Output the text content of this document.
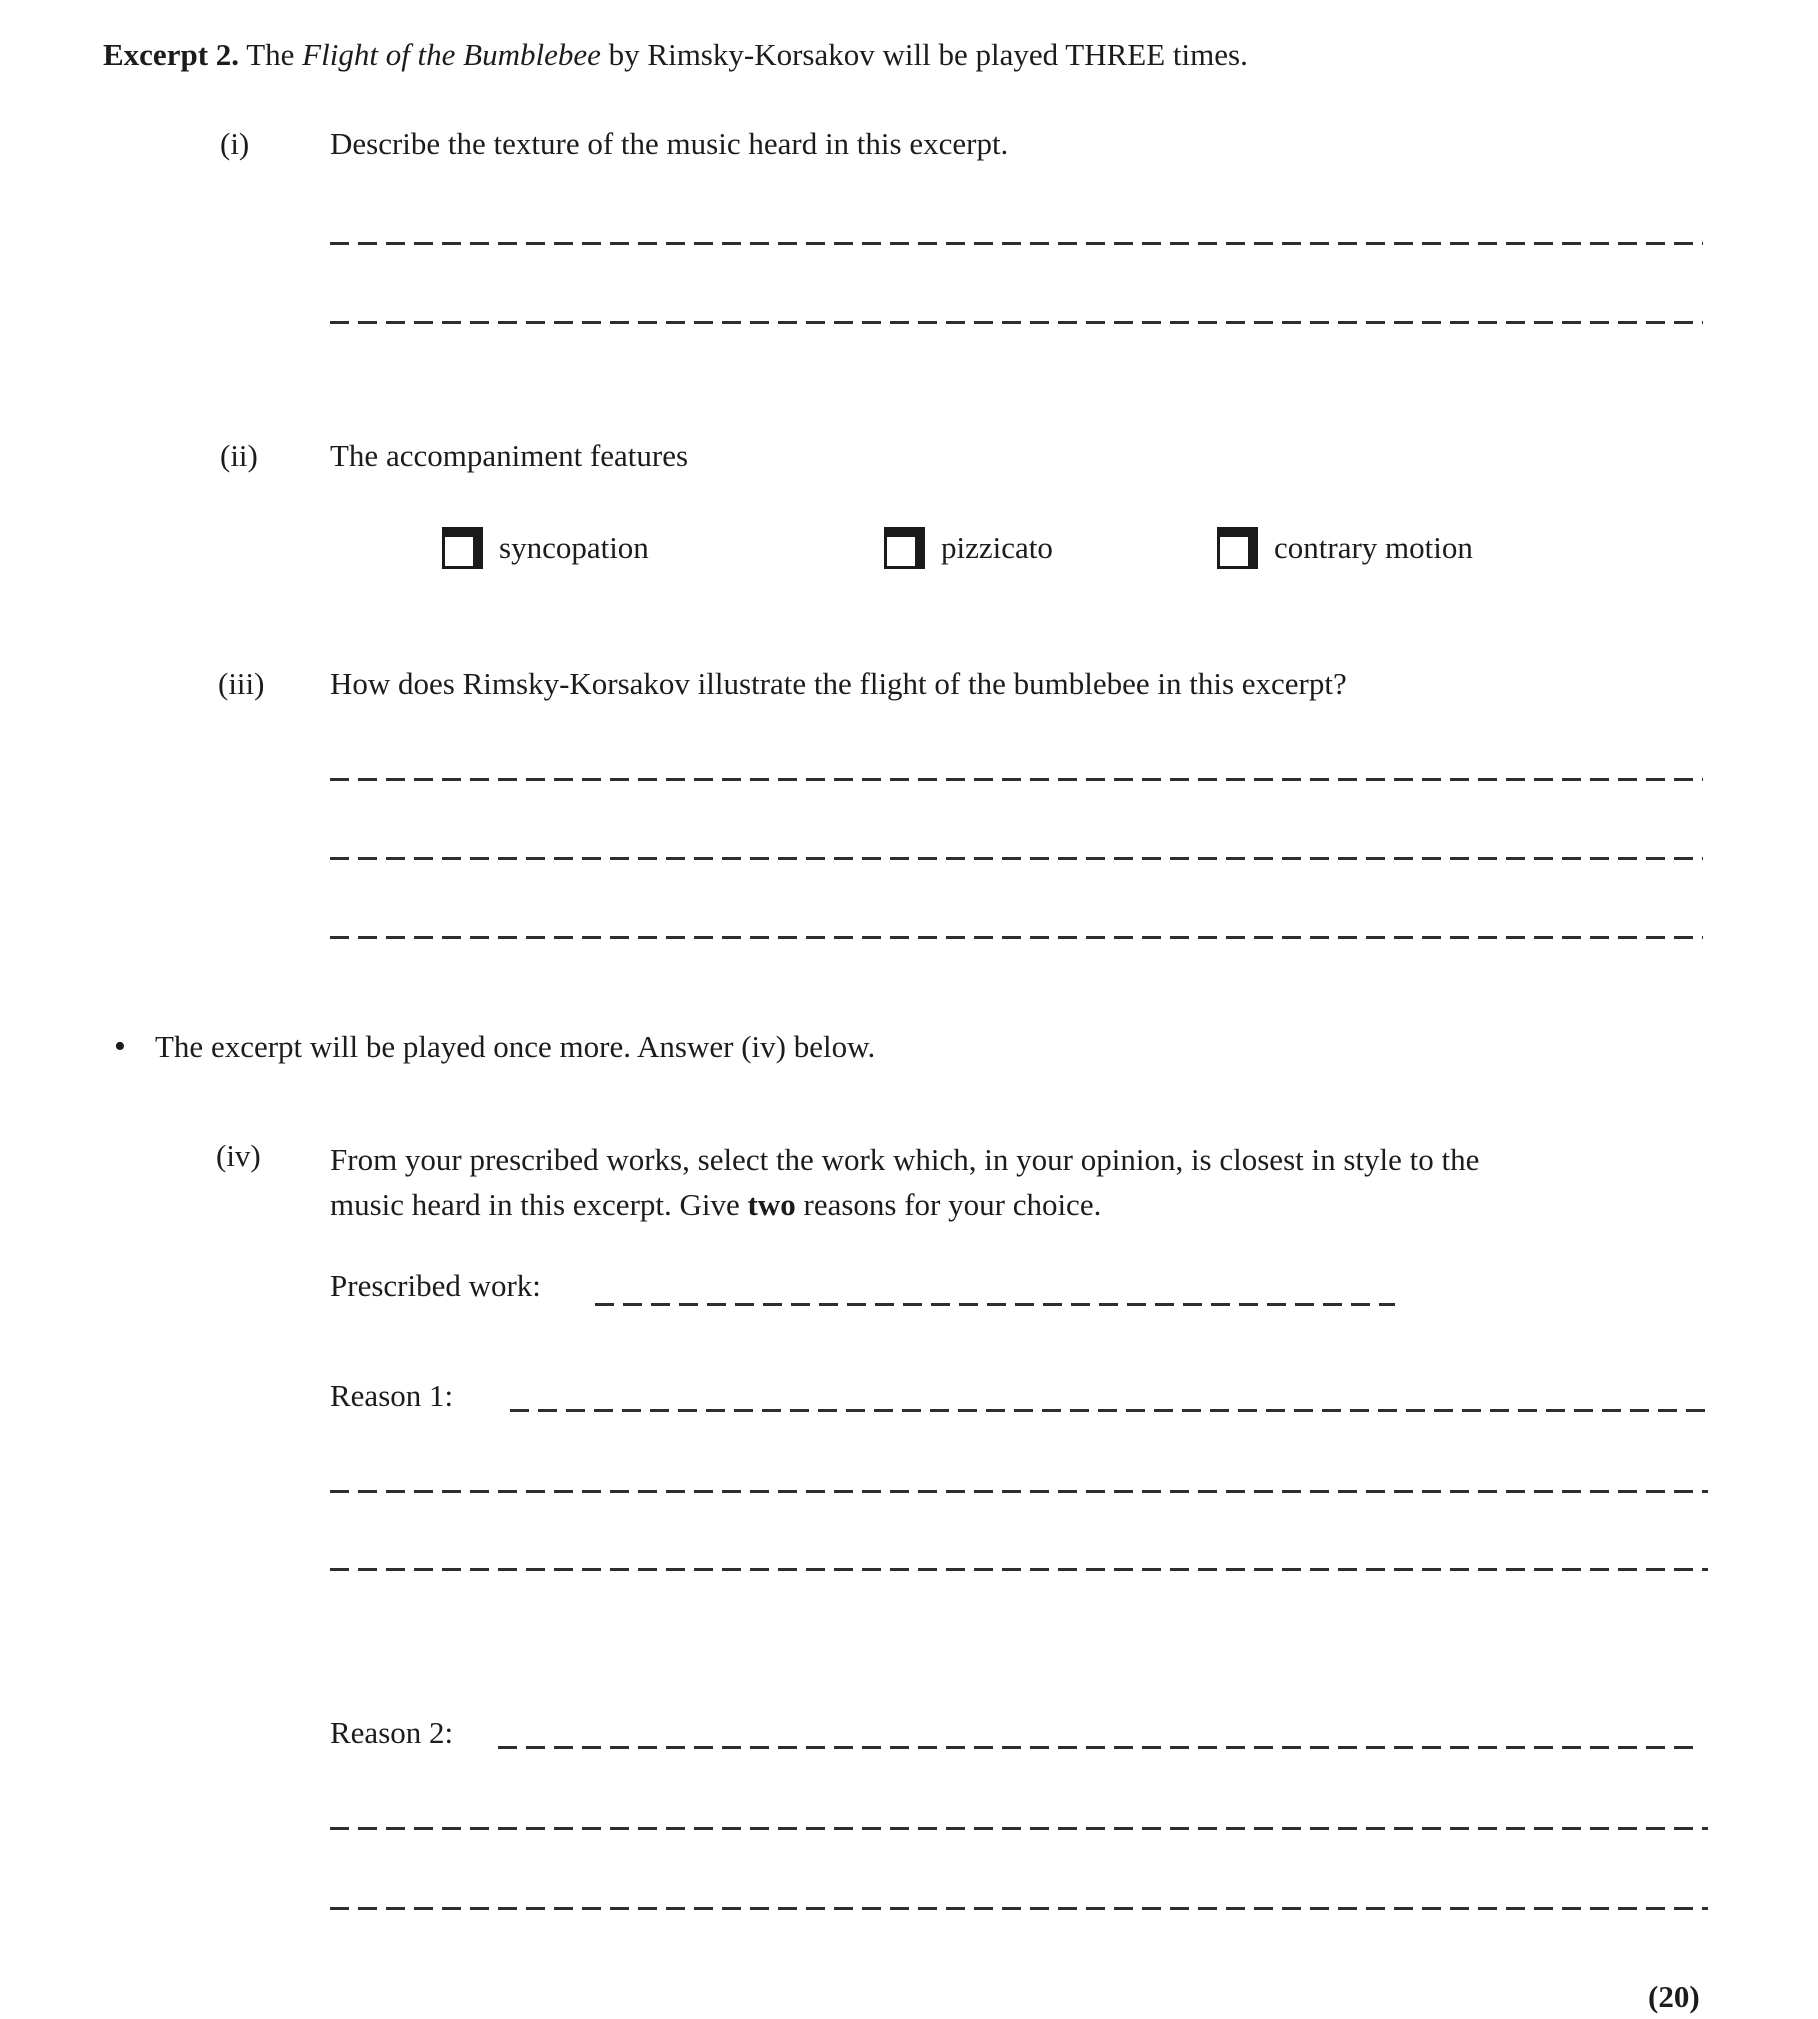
Excerpt 2. The Flight of the Bumblebee by Rimsky-Korsakov will be played THREE times.
(i)	Describe the texture of the music heard in this excerpt.
(ii) The accompaniment features
syncopation	pizzicato	contrary motion
(iii) How does Rimsky-Korsakov illustrate the flight of the bumblebee in this excerpt?
• The excerpt will be played once more. Answer (iv) below.
(iv) From your prescribed works, select the work which, in your opinion, is closest in style to the
music heard in this excerpt. Give two reasons for your choice.
Prescribed work:
Reason 1:
Reason 2:
(20)
